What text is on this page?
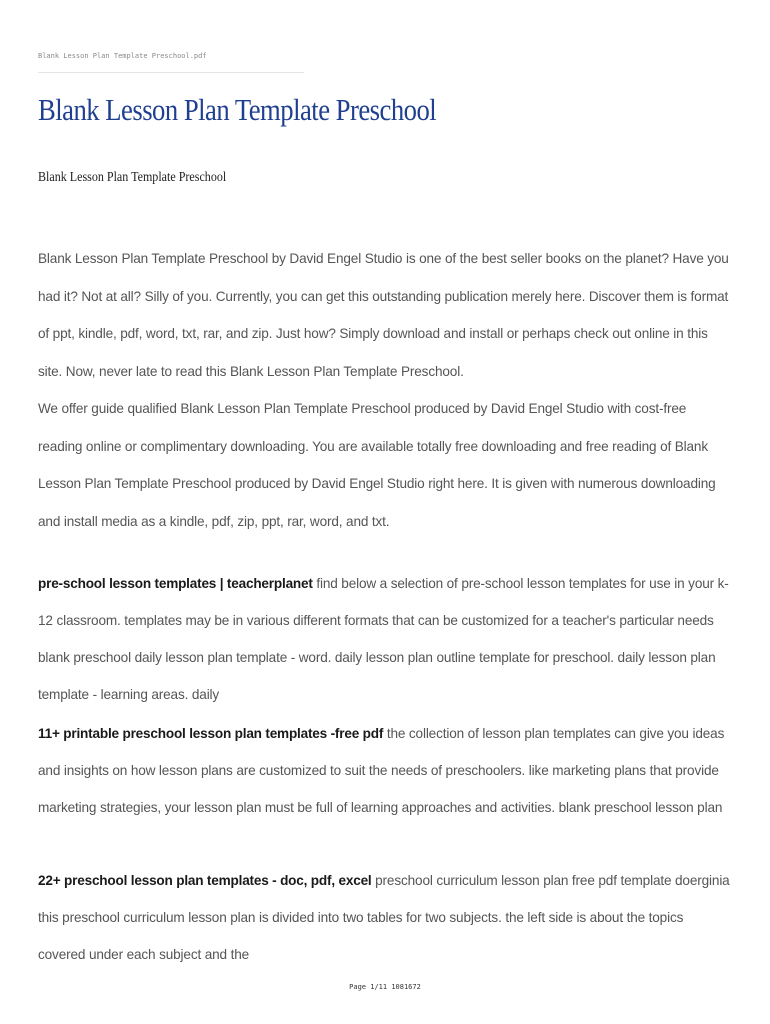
Blank Lesson Plan Template Preschool.pdf
Blank Lesson Plan Template Preschool
Blank Lesson Plan Template Preschool
Blank Lesson Plan Template Preschool by David Engel Studio is one of the best seller books on the planet? Have you had it? Not at all? Silly of you. Currently, you can get this outstanding publication merely here. Discover them is format of ppt, kindle, pdf, word, txt, rar, and zip. Just how? Simply download and install or perhaps check out online in this site. Now, never late to read this Blank Lesson Plan Template Preschool.
We offer guide qualified Blank Lesson Plan Template Preschool produced by David Engel Studio with cost-free reading online or complimentary downloading. You are available totally free downloading and free reading of Blank Lesson Plan Template Preschool produced by David Engel Studio right here. It is given with numerous downloading and install media as a kindle, pdf, zip, ppt, rar, word, and txt.

pre-school lesson templates | teacherplanet find below a selection of pre-school lesson templates for use in your k-12 classroom. templates may be in various different formats that can be customized for a teacher's particular needs blank preschool daily lesson plan template - word. daily lesson plan outline template for preschool. daily lesson plan template - learning areas. daily

11+ printable preschool lesson plan templates -free pdf the collection of lesson plan templates can give you ideas and insights on how lesson plans are customized to suit the needs of preschoolers. like marketing plans that provide marketing strategies, your lesson plan must be full of learning approaches and activities. blank preschool lesson plan

22+ preschool lesson plan templates - doc, pdf, excel preschool curriculum lesson plan free pdf template doerginia this preschool curriculum lesson plan is divided into two tables for two subjects. the left side is about the topics covered under each subject and the

Page 1/11 1081672
